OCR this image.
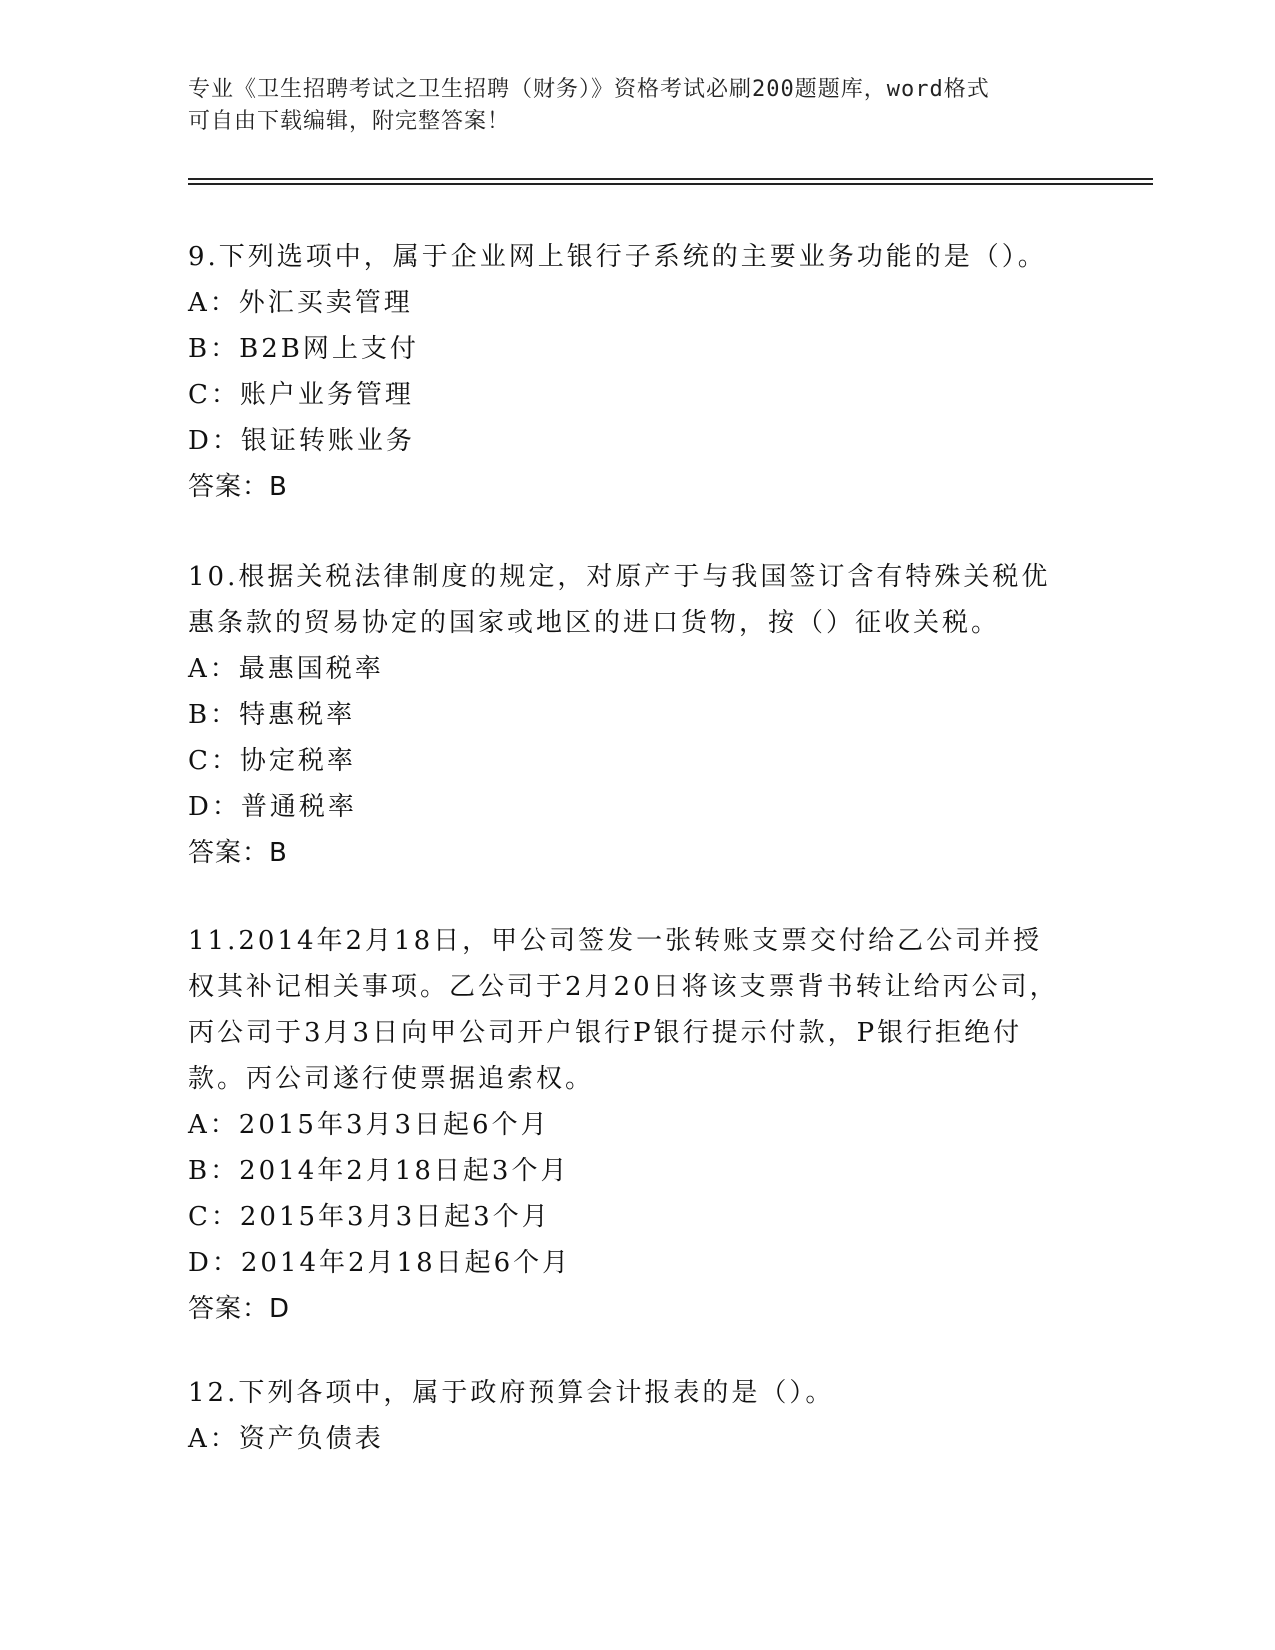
专业《卫生招聘考试之卫生招聘（财务）》资格考试必刷200题题库，word格式
可自由下载编辑，附完整答案！

9.下列选项中，属于企业网上银行子系统的主要业务功能的是（）。

A：外汇买卖管理

B：B2B网上支付

C：账户业务管理

D：银证转账业务

答案：B

10.根据关税法律制度的规定，对原产于与我国签订含有特殊关税优惠条款的贸易协定的国家或地区的进口货物，按（）征收关税。

A：最惠国税率

B：特惠税率

C：协定税率

D：普通税率

答案：B

11.2014年2月18日，甲公司签发一张转账支票交付给乙公司并授权其补记相关事项。乙公司于2月20日将该支票背书转让给丙公司，丙公司于3月3日向甲公司开户银行P银行提示付款，P银行拒绝付款。丙公司遂行使票据追索权。

A：2015年3月3日起6个月

B：2014年2月18日起3个月

C：2015年3月3日起3个月

D：2014年2月18日起6个月

答案：D

12.下列各项中，属于政府预算会计报表的是（）。

A：资产负债表
